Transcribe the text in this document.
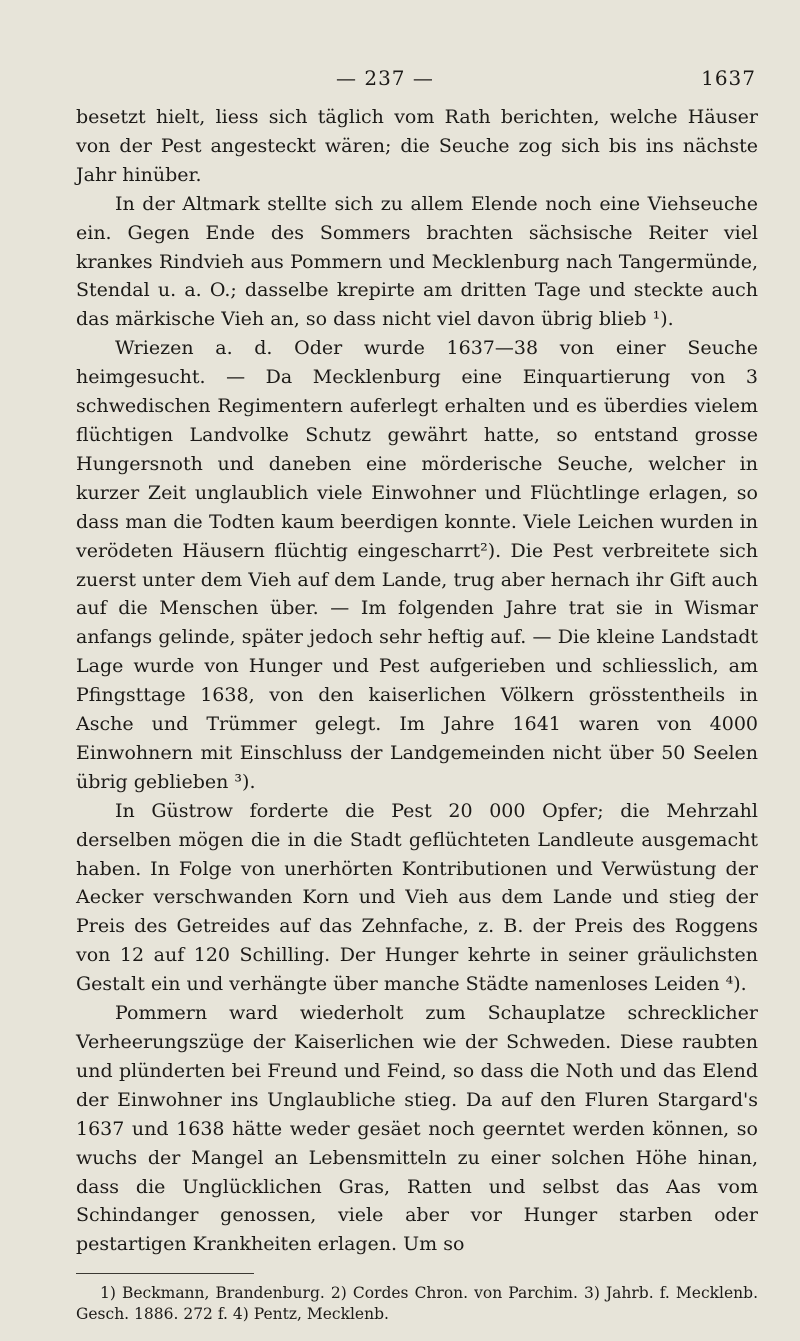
— 237 —	1637

besetzt hielt, liess sich täglich vom Rath berichten, welche Häuser von der Pest angesteckt wären; die Seuche zog sich bis ins nächste Jahr hinüber.

In der Altmark stellte sich zu allem Elende noch eine Viehseuche ein. Gegen Ende des Sommers brachten sächsische Reiter viel krankes Rindvieh aus Pommern und Mecklenburg nach Tangermünde, Stendal u. a. O.; dasselbe krepirte am dritten Tage und steckte auch das märkische Vieh an, so dass nicht viel davon übrig blieb ¹).

Wriezen a. d. Oder wurde 1637—38 von einer Seuche heimgesucht. — Da Mecklenburg eine Einquartierung von 3 schwedischen Regimentern auferlegt erhalten und es überdies vielem flüchtigen Landvolke Schutz gewährt hatte, so entstand grosse Hungersnoth und daneben eine mörderische Seuche, welcher in kurzer Zeit unglaublich viele Einwohner und Flüchtlinge erlagen, so dass man die Todten kaum beerdigen konnte. Viele Leichen wurden in verödeten Häusern flüchtig eingescharrt²). Die Pest verbreitete sich zuerst unter dem Vieh auf dem Lande, trug aber hernach ihr Gift auch auf die Menschen über. — Im folgenden Jahre trat sie in Wismar anfangs gelinde, später jedoch sehr heftig auf. — Die kleine Landstadt Lage wurde von Hunger und Pest aufgerieben und schliesslich, am Pfingsttage 1638, von den kaiserlichen Völkern grösstentheils in Asche und Trümmer gelegt. Im Jahre 1641 waren von 4000 Einwohnern mit Einschluss der Landgemeinden nicht über 50 Seelen übrig geblieben ³).

In Güstrow forderte die Pest 20 000 Opfer; die Mehrzahl derselben mögen die in die Stadt geflüchteten Landleute ausgemacht haben. In Folge von unerhörten Kontributionen und Verwüstung der Aecker verschwanden Korn und Vieh aus dem Lande und stieg der Preis des Getreides auf das Zehnfache, z. B. der Preis des Roggens von 12 auf 120 Schilling. Der Hunger kehrte in seiner gräulichsten Gestalt ein und verhängte über manche Städte namenloses Leiden ⁴).

Pommern ward wiederholt zum Schauplatze schrecklicher Verheerungszüge der Kaiserlichen wie der Schweden. Diese raubten und plünderten bei Freund und Feind, so dass die Noth und das Elend der Einwohner ins Unglaubliche stieg. Da auf den Fluren Stargard's 1637 und 1638 hätte weder gesäet noch geerntet werden können, so wuchs der Mangel an Lebensmitteln zu einer solchen Höhe hinan, dass die Unglücklichen Gras, Ratten und selbst das Aas vom Schindanger genossen, viele aber vor Hunger starben oder pestartigen Krankheiten erlagen. Um so

1) Beckmann, Brandenburg. 2) Cordes Chron. von Parchim. 3) Jahrb. f. Mecklenb. Gesch. 1886. 272 f. 4) Pentz, Mecklenb.
